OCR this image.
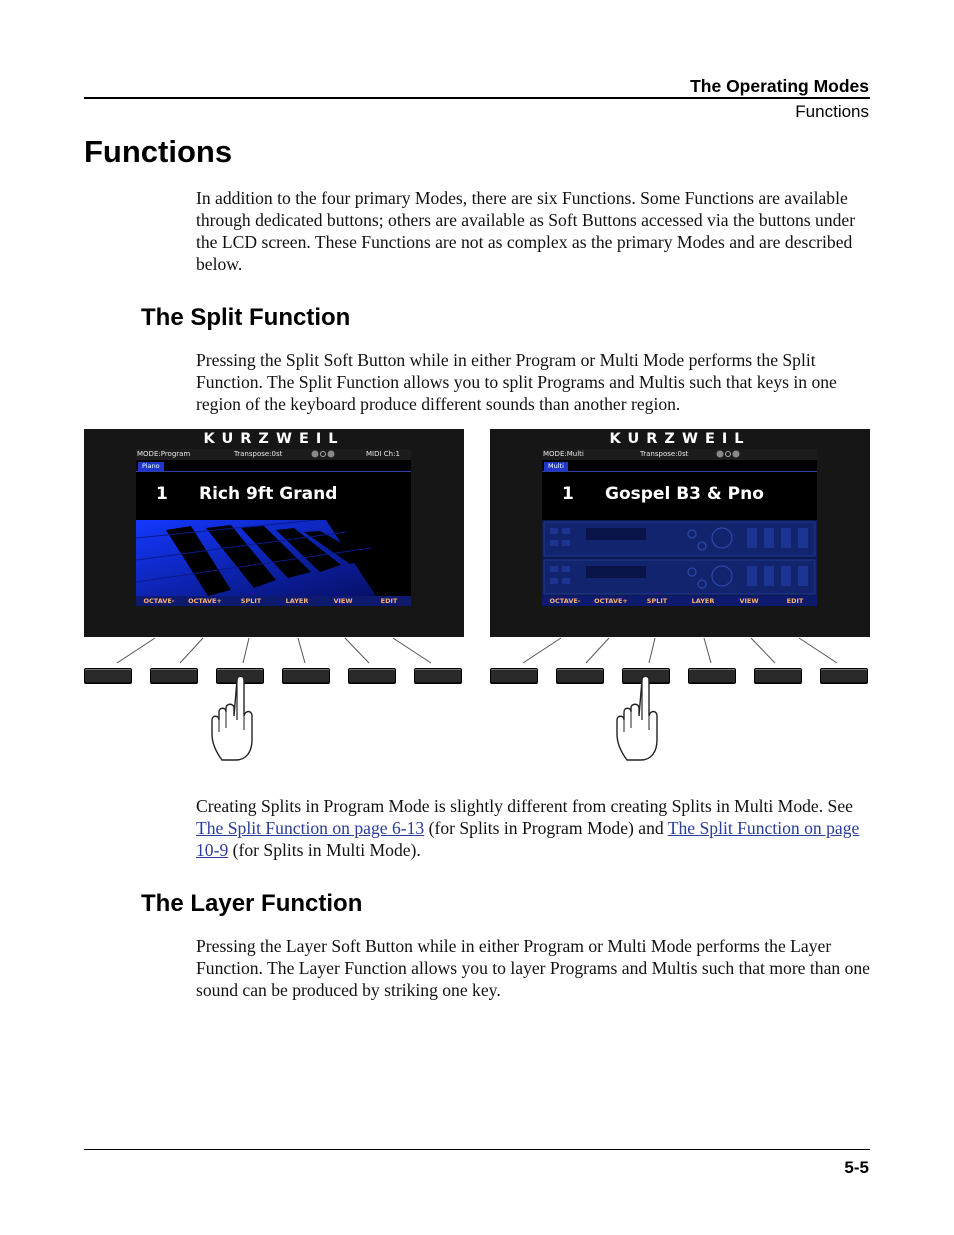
The Operating Modes
Functions
Functions

In addition to the four primary Modes, there are six Functions. Some Functions are available through dedicated buttons; others are available as Soft Buttons accessed via the buttons under the LCD screen. These Functions are not as complex as the primary Modes and are described below.

The Split Function

Pressing the Split Soft Button while in either Program or Multi Mode performs the Split Function. The Split Function allows you to split Programs and Multis such that keys in one region of the keyboard produce different sounds than another region.

KURZWEIL
MODE:Program	Transpose:0st	MIDI Ch:1
Piano
1 Rich 9ft Grand
OCTAVE- OCTAVE+	SPLIT	LAYER	VIEW	EDIT
KURZWEIL
MODE:Multi	Transpose:0st
Multi
1 Gospel B3 & Pno
OCTAVE- OCTAVE+	SPLIT	LAYER	VIEW	EDIT

Creating Splits in Program Mode is slightly different from creating Splits in Multi Mode. See The Split Function on page 6-13 (for Splits in Program Mode) and The Split Function on page 10-9 (for Splits in Multi Mode).

The Layer Function

Pressing the Layer Soft Button while in either Program or Multi Mode performs the Layer Function. The Layer Function allows you to layer Programs and Multis such that more than one sound can be produced by striking one key.

5-5
